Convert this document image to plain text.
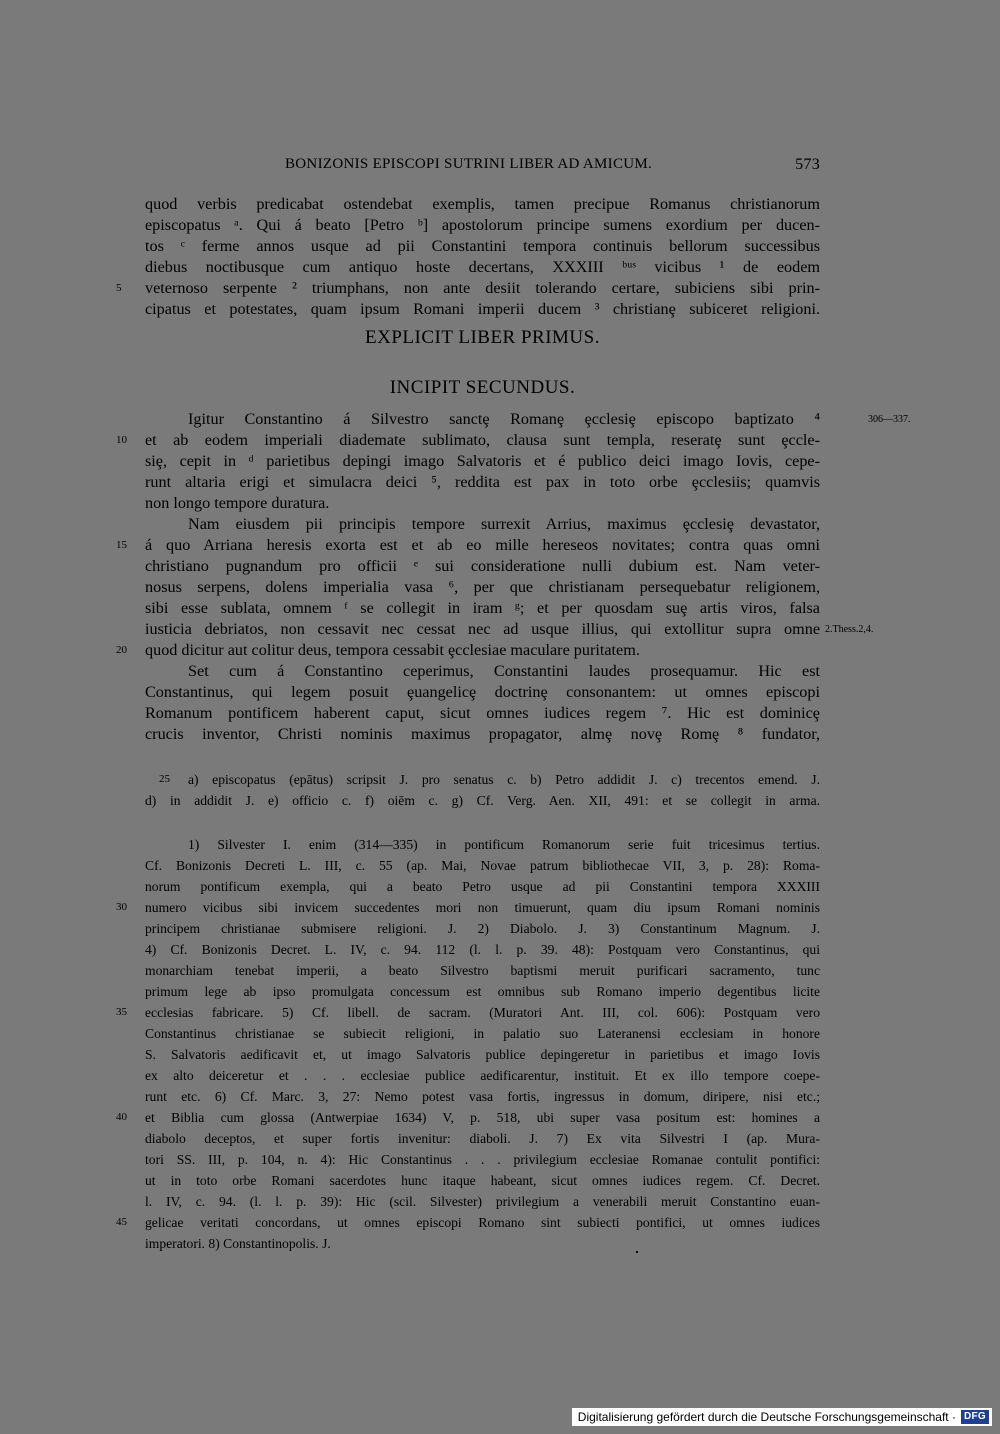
BONIZONIS EPISCOPI SUTRINI LIBER AD AMICUM.	573
quod verbis predicabat ostendebat exemplis, tamen precipue Romanus christianorum
episcopatus ᵃ. Qui á beato [Petro ᵇ] apostolorum principe sumens exordium per ducen-
tos ᶜ ferme annos usque ad pii Constantini tempora continuis bellorum successibus
diebus noctibusque cum antiquo hoste decertans, XXXIII ᵇᵘˢ vicibus ¹ de eodem
5	veternoso serpente ² triumphans, non ante desiit tolerando certare, subiciens sibi prin-
cipatus et potestates, quam ipsum Romani imperii ducem ³ christianȩ subiceret religioni.
EXPLICIT LIBER PRIMUS.
INCIPIT SECUNDUS.
Igitur Constantino á Silvestro sanctȩ Romanȩ ȩcclesiȩ episcopo baptizato ⁴	306—337.
10	et ab eodem imperiali diademate sublimato, clausa sunt templa, reseratȩ sunt ȩccle-
siȩ, cepit in ᵈ parietibus depingi imago Salvatoris et é publico deici imago Iovis, cepe-
runt altaria erigi et simulacra deici ⁵, reddita est pax in toto orbe ȩcclesiis; quamvis
non longo tempore duratura.
Nam eiusdem pii principis tempore surrexit Arrius, maximus ȩcclesiȩ devastator,
15	á quo Arriana heresis exorta est et ab eo mille hereseos novitates; contra quas omni
christiano pugnandum pro officii ᵉ sui consideratione nulli dubium est. Nam veter-
nosus serpens, dolens imperialia vasa ⁶, per que christianam persequebatur religionem,
sibi esse sublata, omnem ᶠ se collegit in iram ᵍ; et per quosdam suȩ artis viros, falsa
iusticia debriatos, non cessavit nec cessat nec ad usque illius, qui extollitur supra omne 2.Thess.2,4.
20	quod dicitur aut colitur deus, tempora cessabit ȩcclesiae maculare puritatem.
Set cum á Constantino ceperimus, Constantini laudes prosequamur. Hic est
Constantinus, qui legem posuit ȩuangelicȩ doctrinȩ consonantem: ut omnes episcopi
Romanum pontificem haberent caput, sicut omnes iudices regem ⁷. Hic est dominicȩ
crucis inventor, Christi nominis maximus propagator, almȩ novȩ Romȩ ⁸ fundator,
25 a) episcopatus (epātus) scripsit J. pro senatus c. b) Petro addidit J. c) trecentos emend. J.
d) in addidit J. e) officio c. f) oiēm c. g) Cf. Verg. Aen. XII, 491: et se collegit in arma.
1) Silvester I. enim (314—335) in pontificum Romanorum serie fuit tricesimus tertius.
Cf. Bonizonis Decreti L. III, c. 55 (ap. Mai, Novae patrum bibliothecae VII, 3, p. 28): Roma-
norum pontificum exempla, qui a beato Petro usque ad pii Constantini tempora XXXIII
30	numero vicibus sibi invicem succedentes mori non timuerunt, quam diu ipsum Romani nominis
principem christianae submisere religioni. J. 2) Diabolo. J. 3) Constantinum Magnum. J.
4) Cf. Bonizonis Decret. L. IV, c. 94. 112 (l. l. p. 39. 48): Postquam vero Constantinus, qui
monarchiam tenebat imperii, a beato Silvestro baptismi meruit purificari sacramento, tunc
primum lege ab ipso promulgata concessum est omnibus sub Romano imperio degentibus licite
35	ecclesias fabricare. 5) Cf. libell. de sacram. (Muratori Ant. III, col. 606): Postquam vero
Constantinus christianae se subiecit religioni, in palatio suo Lateranensi ecclesiam in honore
S. Salvatoris aedificavit et, ut imago Salvatoris publice depingeretur in parietibus et imago Iovis
ex alto deiceretur et . . . ecclesiae publice aedificarentur, instituit. Et ex illo tempore coepe-
runt etc. 6) Cf. Marc. 3, 27: Nemo potest vasa fortis, ingressus in domum, diripere, nisi etc.;
40	et Biblia cum glossa (Antwerpiae 1634) V, p. 518, ubi super vasa positum est: homines a
diabolo deceptos, et super fortis invenitur: diaboli. J. 7) Ex vita Silvestri I (ap. Mura-
tori SS. III, p. 104, n. 4): Hic Constantinus . . . privilegium ecclesiae Romanae contulit pontifici:
ut in toto orbe Romani sacerdotes hunc itaque habeant, sicut omnes iudices regem. Cf. Decret.
l. IV, c. 94. (l. l. p. 39): Hic (scil. Silvester) privilegium a venerabili meruit Constantino euan-
45	gelicae veritati concordans, ut omnes episcopi Romano sint subiecti pontifici, ut omnes iudices
imperatori. 8) Constantinopolis. J.
Digitalisierung gefördert durch die Deutsche Forschungsgemeinschaft · DFG
